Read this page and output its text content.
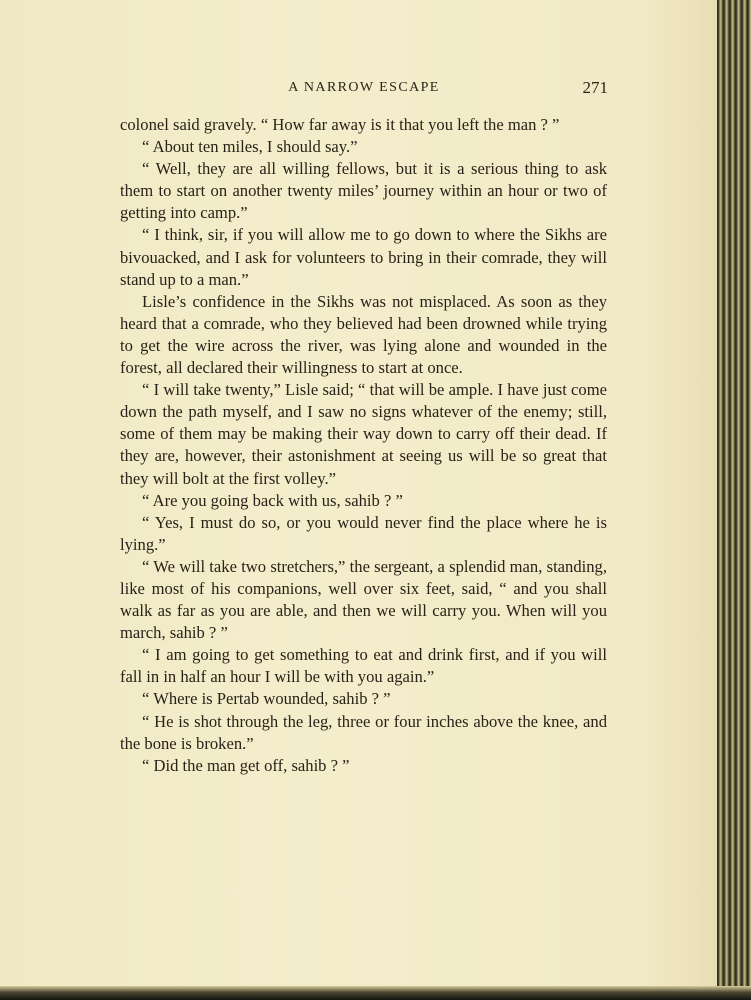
A NARROW ESCAPE	271

colonel said gravely. “ How far away is it that you left the man ? ”

“ About ten miles, I should say.”

“ Well, they are all willing fellows, but it is a serious thing to ask them to start on another twenty miles’ journey within an hour or two of getting into camp.”

“ I think, sir, if you will allow me to go down to where the Sikhs are bivouacked, and I ask for volunteers to bring in their comrade, they will stand up to a man.”

Lisle’s confidence in the Sikhs was not misplaced. As soon as they heard that a comrade, who they believed had been drowned while trying to get the wire across the river, was lying alone and wounded in the forest, all declared their willingness to start at once.

“ I will take twenty,” Lisle said; “ that will be ample. I have just come down the path myself, and I saw no signs whatever of the enemy; still, some of them may be making their way down to carry off their dead. If they are, however, their astonishment at seeing us will be so great that they will bolt at the first volley.”

“ Are you going back with us, sahib ? ”

“ Yes, I must do so, or you would never find the place where he is lying.”

“ We will take two stretchers,” the sergeant, a splendid man, standing, like most of his companions, well over six feet, said, “ and you shall walk as far as you are able, and then we will carry you. When will you march, sahib ? ”

“ I am going to get something to eat and drink first, and if you will fall in in half an hour I will be with you again.”

“ Where is Pertab wounded, sahib ? ”

“ He is shot through the leg, three or four inches above the knee, and the bone is broken.”

“ Did the man get off, sahib ? ”
